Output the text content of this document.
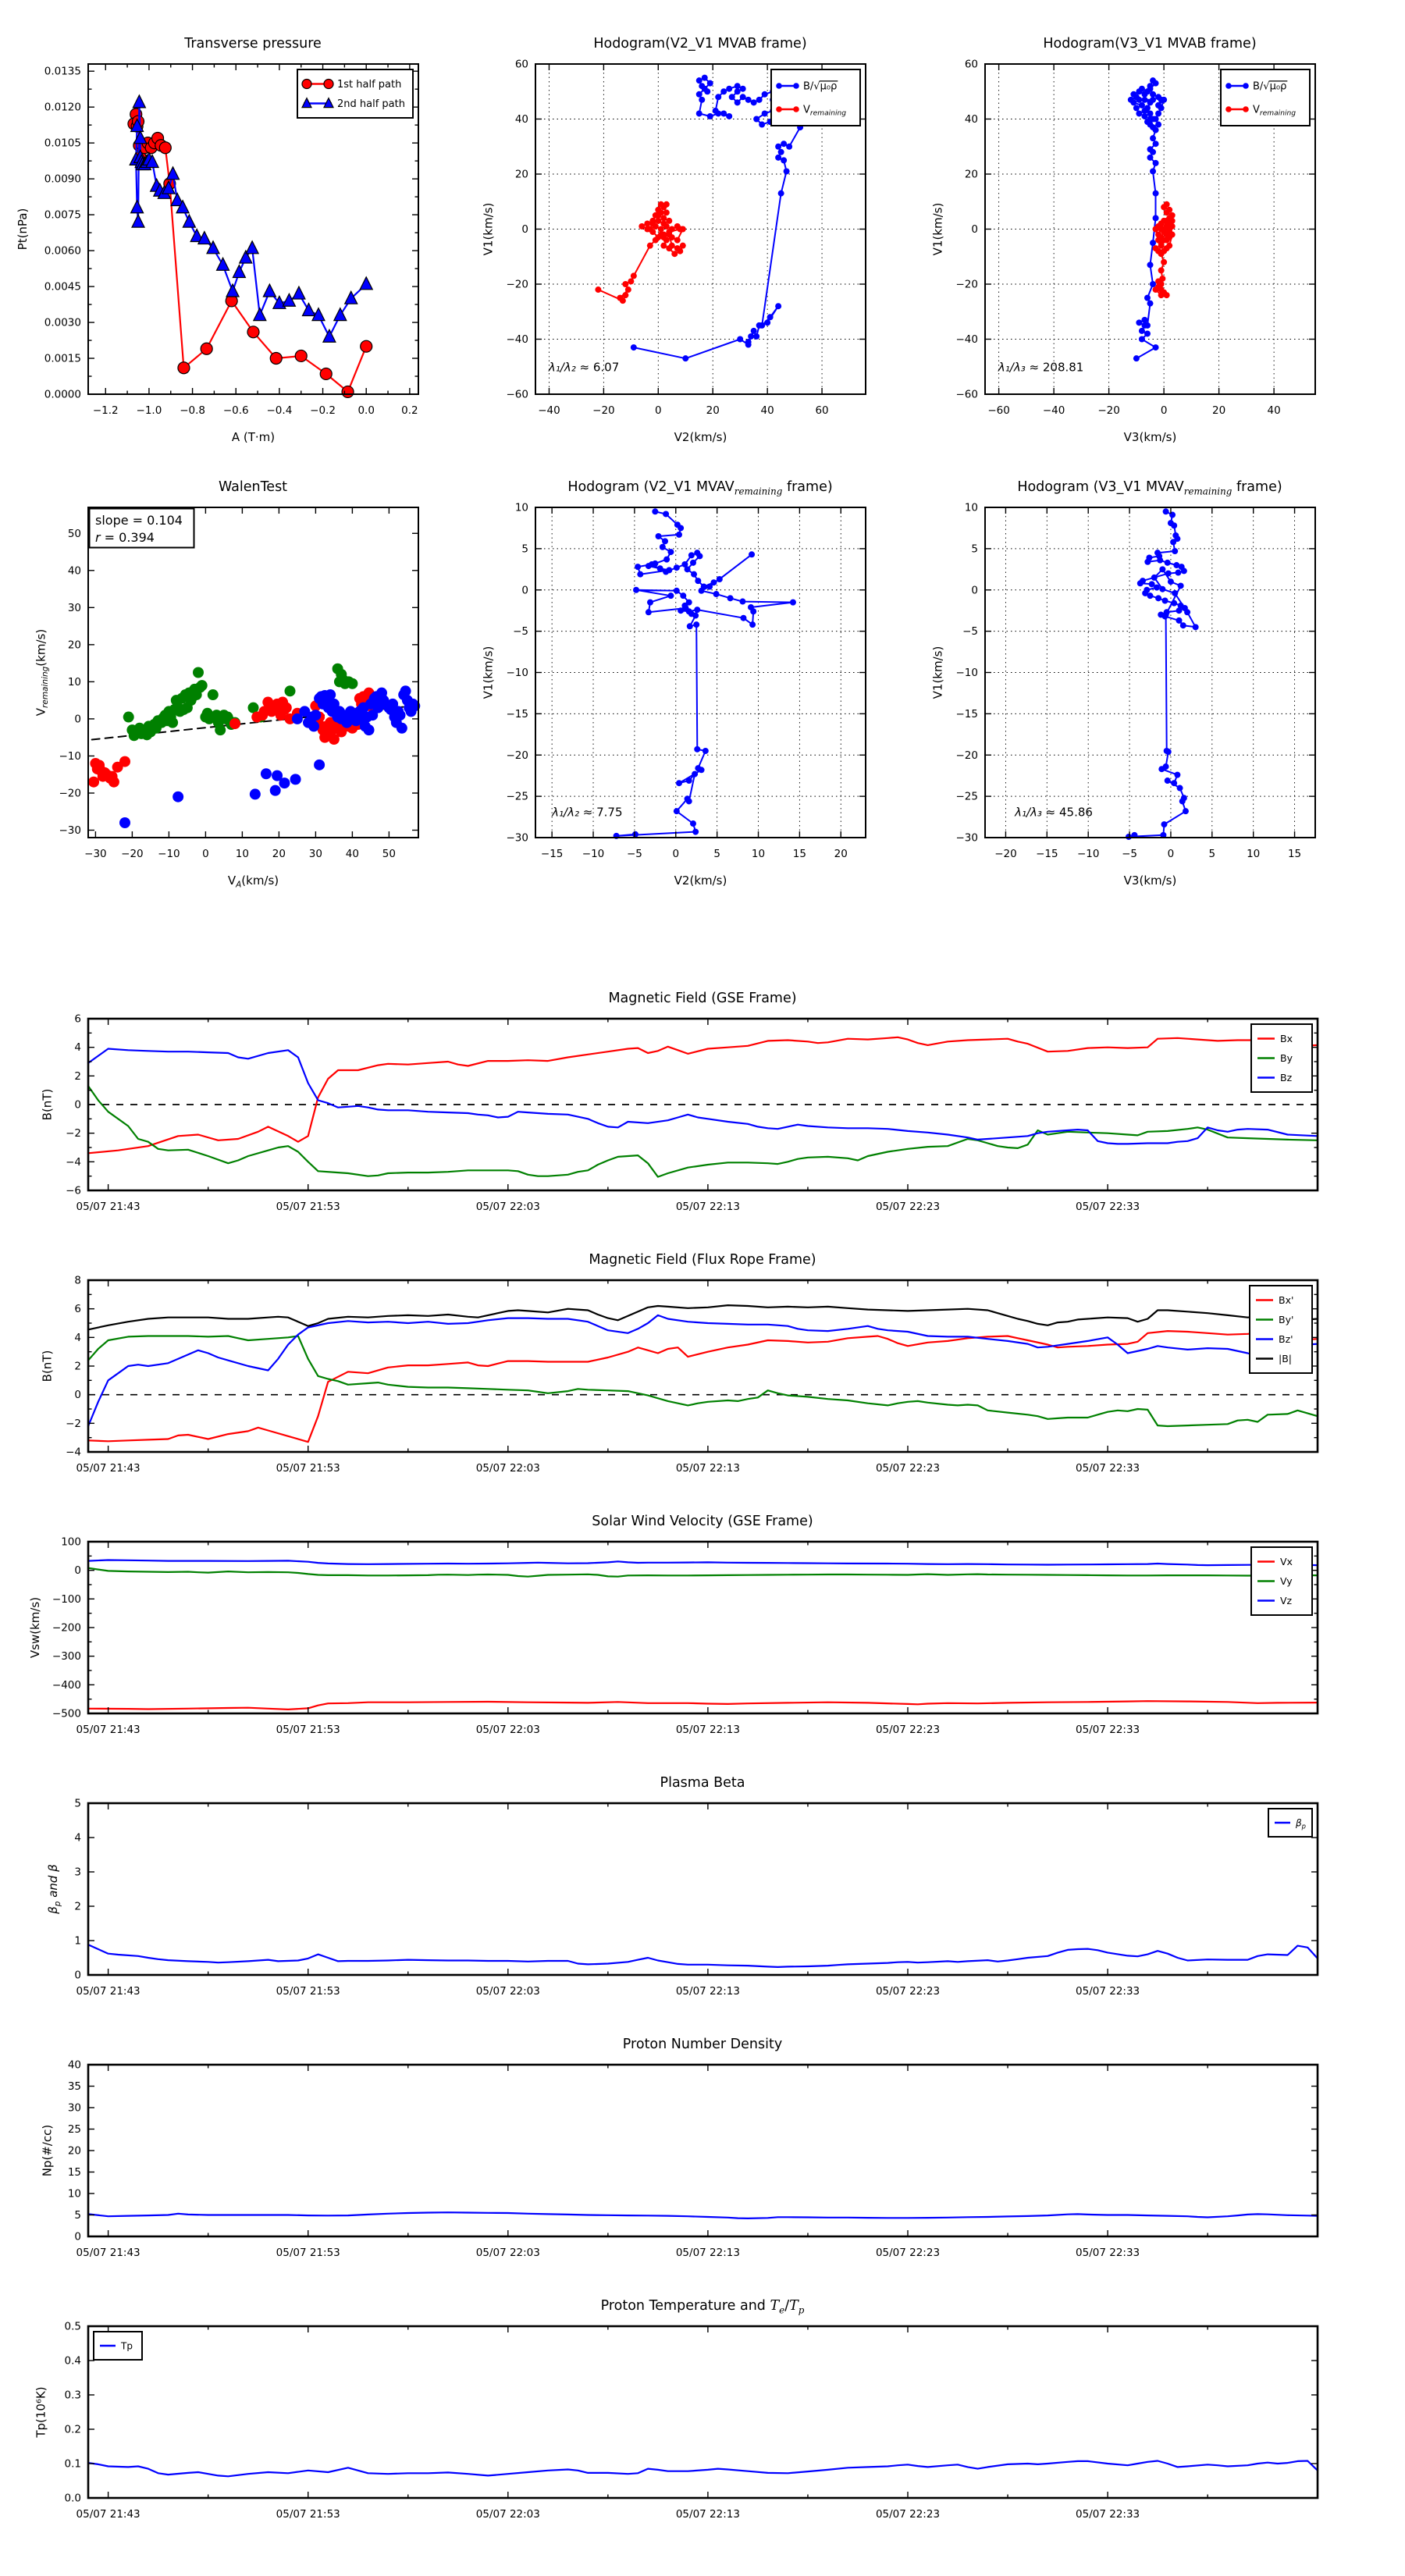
−1.2 −1.0 −0.8 −0.6 −0.4 −0.2 0.0	0.2
0.0000
0.0015
0.0030
0.0045
0.0060
0.0075
0.0090
0.0105
0.0120
0.0135
A (T·m)
Pt(nPa)
1st half path
2nd half path
−40	−20	0	20	40	60
−60
−40
−20
0
20
40
60
V2(km/s)
V1(km/s)
B/√μ₀ρ
$V_{remaining}$
λ₁/λ₂ ≈ 6.07
−60	−40	−20	0	20	40
−60
−40
−20
0
20
40
60
V3(km/s)
V1(km/s)
B/√μ₀ρ
$V_{remaining}$
λ₁/λ₃ ≈ 208.81
−30 −20 −10 0	10 20 30 40 50
−30
−20
−10
0
10
20
30
40
50
$V_A(km/s)$
$V_{remaining}(km/s)$
slope = 0.104
r = 0.394
−15 −10 −5	0	5	10	15	20
−30
−25
−20
−15
−10
−5
0
5
10
V2(km/s)
V1(km/s)
λ₁/λ₂ ≈ 7.75
−20 −15 −10 −5	0	5	10	15
−30
−25
−20
−15
−10
−5
0
5
10
V3(km/s)
V1(km/s)
λ₁/λ₃ ≈ 45.86
05/07 21:43	05/07 21:53	05/07 22:03	05/07 22:13	05/07 22:23	05/07 22:33
−6
−4
−2
0
2
4
6
B(nT)
Bx
By
Bz
05/07 21:43	05/07 21:53	05/07 22:03	05/07 22:13	05/07 22:23	05/07 22:33
−4
−2
0
2
4
6
8
B(nT)
Bx'
By'
Bz'
|B|
05/07 21:43	05/07 21:53	05/07 22:03	05/07 22:13	05/07 22:23	05/07 22:33
−500
−400
−300
−200
−100
0
100
Vsw(km/s)
Vx
Vy
Vz
05/07 21:43	05/07 21:53	05/07 22:03	05/07 22:13	05/07 22:23	05/07 22:33
0
1
2
3
4
5
$\beta_p$ and β
$\beta_p$
05/07 21:43	05/07 21:53	05/07 22:03	05/07 22:13	05/07 22:23	05/07 22:33
0
5
10
15
20
25
30
35
40
Np(#/cc)
05/07 21:43	05/07 21:53	05/07 22:03	05/07 22:13	05/07 22:23	05/07 22:33
0.0
0.1
0.2
0.3
0.4
0.5
Tp(10⁶K)
Tp
Transverse pressure	Hodogram(V2_V1 MVAB frame)	Hodogram(V3_V1 MVAB frame)
WalenTest	Hodogram (V2_V1 $MVAV_{remaining}$ frame)	Hodogram (V3_V1 $MVAV_{remaining}$ frame)
Magnetic Field (GSE Frame)
Magnetic Field (Flux Rope Frame)
Solar Wind Velocity (GSE Frame)
Plasma Beta
Proton Number Density
Proton Temperature and $T_e/T_p$
